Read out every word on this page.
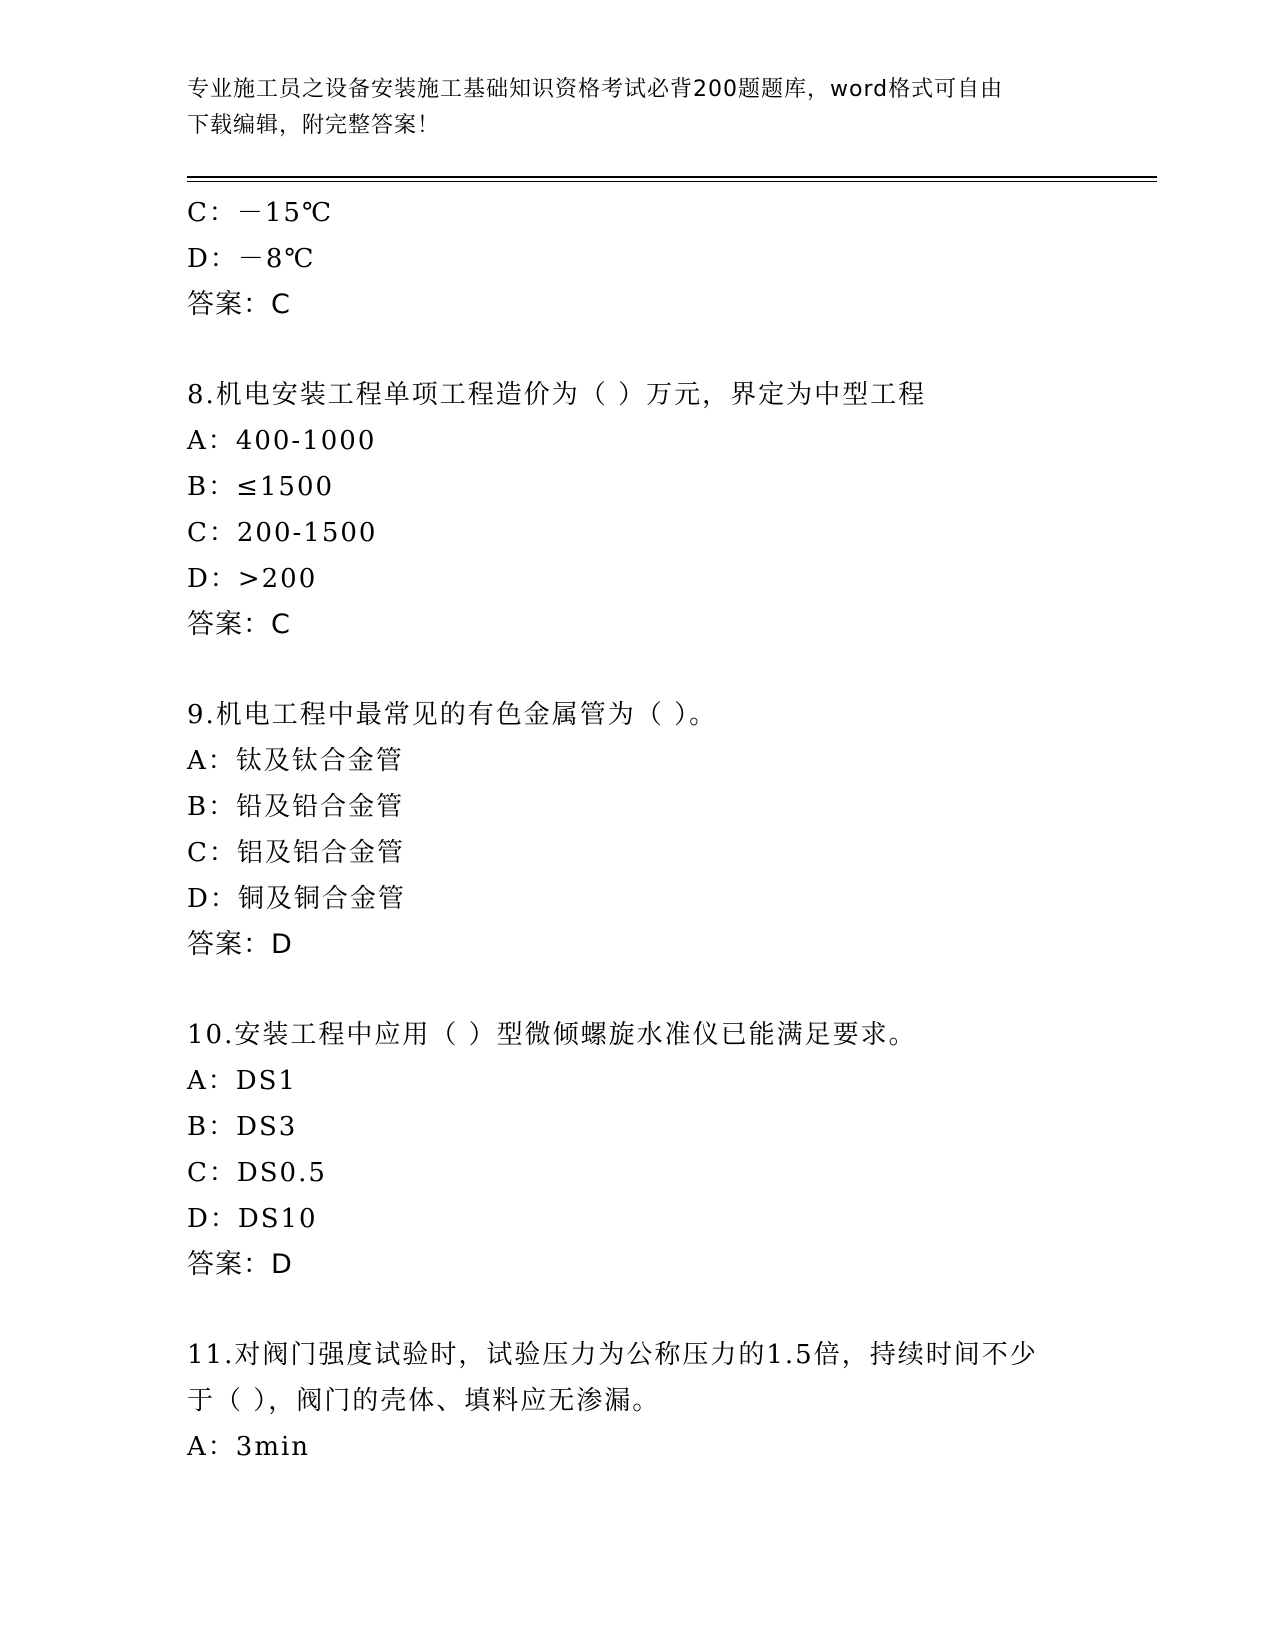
专业施工员之设备安装施工基础知识资格考试必背200题题库，word格式可自由
下载编辑，附完整答案！
C：－15℃
D：－8℃
答案：C
8.机电安装工程单项工程造价为（ ）万元，界定为中型工程
A：400-1000
B：≤1500
C：200-1500
D：>200
答案：C
9.机电工程中最常见的有色金属管为（ ）。
A：钛及钛合金管
B：铅及铅合金管
C：铝及铝合金管
D：铜及铜合金管
答案：D
10.安装工程中应用（ ）型微倾螺旋水准仪已能满足要求。
A：DS1
B：DS3
C：DS0.5
D：DS10
答案：D
11.对阀门强度试验时，试验压力为公称压力的1.5倍，持续时间不少
于（ ），阀门的壳体、填料应无渗漏。
A：3min
